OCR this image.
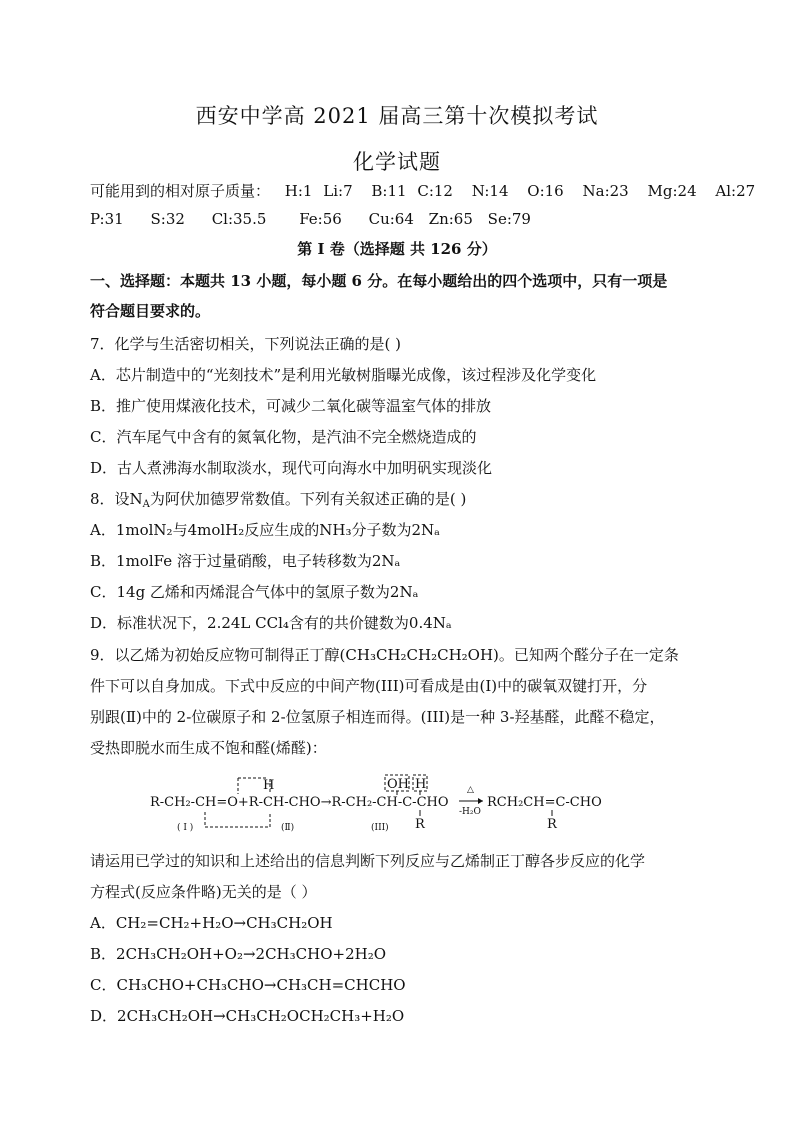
西安中学高 2021 届高三第十次模拟考试
化学试题
可能用到的相对原子质量： H:1 Li:7 B:11 C:12 N:14 O:16 Na:23 Mg:24 Al:27
P:31 S:32 Cl:35.5 Fe:56 Cu:64 Zn:65 Se:79
第 I 卷（选择题 共 126 分）
一、选择题：本题共 13 小题，每小题 6 分。在每小题给出的四个选项中，只有一项是
符合题目要求的。
7．化学与生活密切相关，下列说法正确的是( )
A．芯片制造中的“光刻技术”是利用光敏树脂曝光成像，该过程涉及化学变化
B．推广使用煤液化技术，可减少二氧化碳等温室气体的排放
C．汽车尾气中含有的氮氧化物，是汽油不完全燃烧造成的
D．古人煮沸海水制取淡水，现代可向海水中加明矾实现淡化
8．设$N_A$为阿伏加德罗常数值。下列有关叙述正确的是( )
A．1molN₂与4molH₂反应生成的NH₃分子数为2Nₐ
B．1molFe 溶于过量硝酸，电子转移数为2Nₐ
C．14g 乙烯和丙烯混合气体中的氢原子数为2Nₐ
D．标准状况下，2.24L CCl₄含有的共价键数为0.4Nₐ
9．以乙烯为初始反应物可制得正丁醇(CH₃CH₂CH₂CH₂OH)。已知两个醛分子在一定条
件下可以自身加成。下式中反应的中间产物(III)可看成是由(Ⅰ)中的碳氧双键打开，分
别跟(Ⅱ)中的 2-位碳原子和 2-位氢原子相连而得。(III)是一种 3-羟基醛，此醛不稳定，
受热即脱水而生成不饱和醛(烯醛)：
H
R-CH₂-CH=O+R-CH-CHO→R-CH₂-CH-C-CHO
( I )	(Ⅱ)	(III)
OH H
R
△
-H₂O
RCH₂CH=C-CHO
R
请运用已学过的知识和上述给出的信息判断下列反应与乙烯制正丁醇各步反应的化学
方程式(反应条件略)无关的是（ ）
A．CH₂=CH₂+H₂O→CH₃CH₂OH
B．2CH₃CH₂OH+O₂→2CH₃CHO+2H₂O
C．CH₃CHO+CH₃CHO→CH₃CH=CHCHO
D．2CH₃CH₂OH→CH₃CH₂OCH₂CH₃+H₂O
